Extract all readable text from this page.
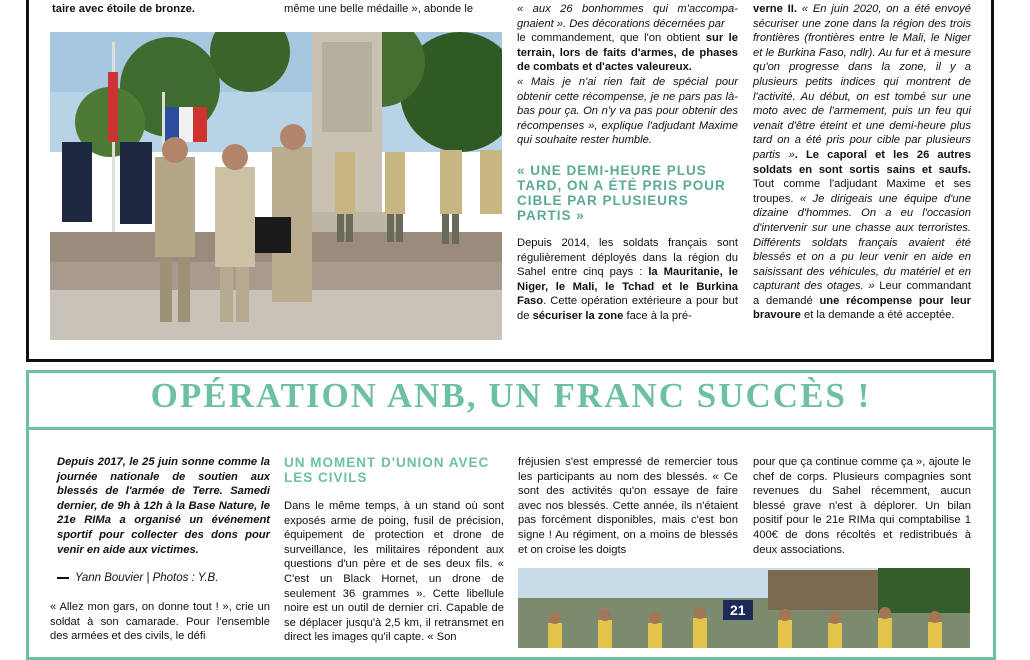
taire avec étoile de bronze.	même une belle médaille », abonde le	« aux 26 bonhommes qui m'accompa- gnaient ». Des décorations décernées par
le commandement, que l'on obtient sur le terrain, lors de faits d'armes, de phases de combats et d'actes valeureux.
« Mais je n'ai rien fait de spécial pour obtenir cette récompense, je ne pars pas là-bas pour ça. On n'y va pas pour obtenir des récompenses », explique l'adjudant Maxime qui souhaite rester humble.
« UNE DEMI-HEURE PLUS TARD, ON A ÉTÉ PRIS POUR CIBLE PAR PLUSIEURS PARTIS »
Depuis 2014, les soldats français sont régulièrement déployés dans la région du Sahel entre cinq pays : la Mauritanie, le Niger, le Mali, le Tchad et le Burkina Faso. Cette opération extérieure a pour but de sécuriser la zone face à la pré-
verne II. « En juin 2020, on a été envoyé sécuriser une zone dans la région des trois frontières (frontières entre le Mali, le Niger et le Burkina Faso, ndlr). Au fur et à mesure qu'on progresse dans la zone, il y a plusieurs petits indices qui montrent de l'activité. Au début, on est tombé sur une moto avec de l'armement, puis un feu qui venait d'être éteint et une demi-heure plus tard on a été pris pour cible par plusieurs partis ». Le caporal et les 26 autres soldats en sont sortis sains et saufs. Tout comme l'adjudant Maxime et ses troupes. « Je dirigeais une équipe d'une dizaine d'hommes. On a eu l'occasion d'intervenir sur une chasse aux terroristes. Différents soldats français avaient été blessés et on a pu leur venir en aide en saisissant des véhicules, du matériel et en capturant des otages. » Leur commandant a demandé une récompense pour leur bravoure et la demande a été acceptée.
OPÉRATION ANB, UN FRANC SUCCÈS !
Depuis 2017, le 25 juin sonne comme la journée nationale de soutien aux blessés de l'armée de Terre. Samedi dernier, de 9h à 12h à la Base Nature, le 21e RIMa a organisé un événement sportif pour collecter des dons pour venir en aide aux victimes.
Yann Bouvier | Photos : Y.B.
« Allez mon gars, on donne tout ! », crie un soldat à son camarade. Pour l'ensemble des armées et des civils, le défi
UN MOMENT D'UNION AVEC LES CIVILS
Dans le même temps, à un stand où sont exposés arme de poing, fusil de précision, équipement de protection et drone de surveillance, les militaires répondent aux questions d'un père et de ses deux fils. « C'est un Black Hornet, un drone de seulement 36 grammes ». Cette libellule noire est un outil de dernier cri. Capable de se déplacer jusqu'à 2,5 km, il retransmet en direct les images qu'il capte. « Son
fréjusien s'est empressé de remercier tous les participants au nom des blessés. « Ce sont des activités qu'on essaye de faire avec nos blessés. Cette année, ils n'étaient pas forcément disponibles, mais c'est bon signe ! Au régiment, on a moins de blessés et on croise les doigts
pour que ça continue comme ça », ajoute le chef de corps. Plusieurs compagnies sont revenues du Sahel récemment, aucun blessé grave n'est à déplorer. Un bilan positif pour le 21e RIMa qui comptabilise 1 400€ de dons récoltés et redistribués à deux associations.
21
